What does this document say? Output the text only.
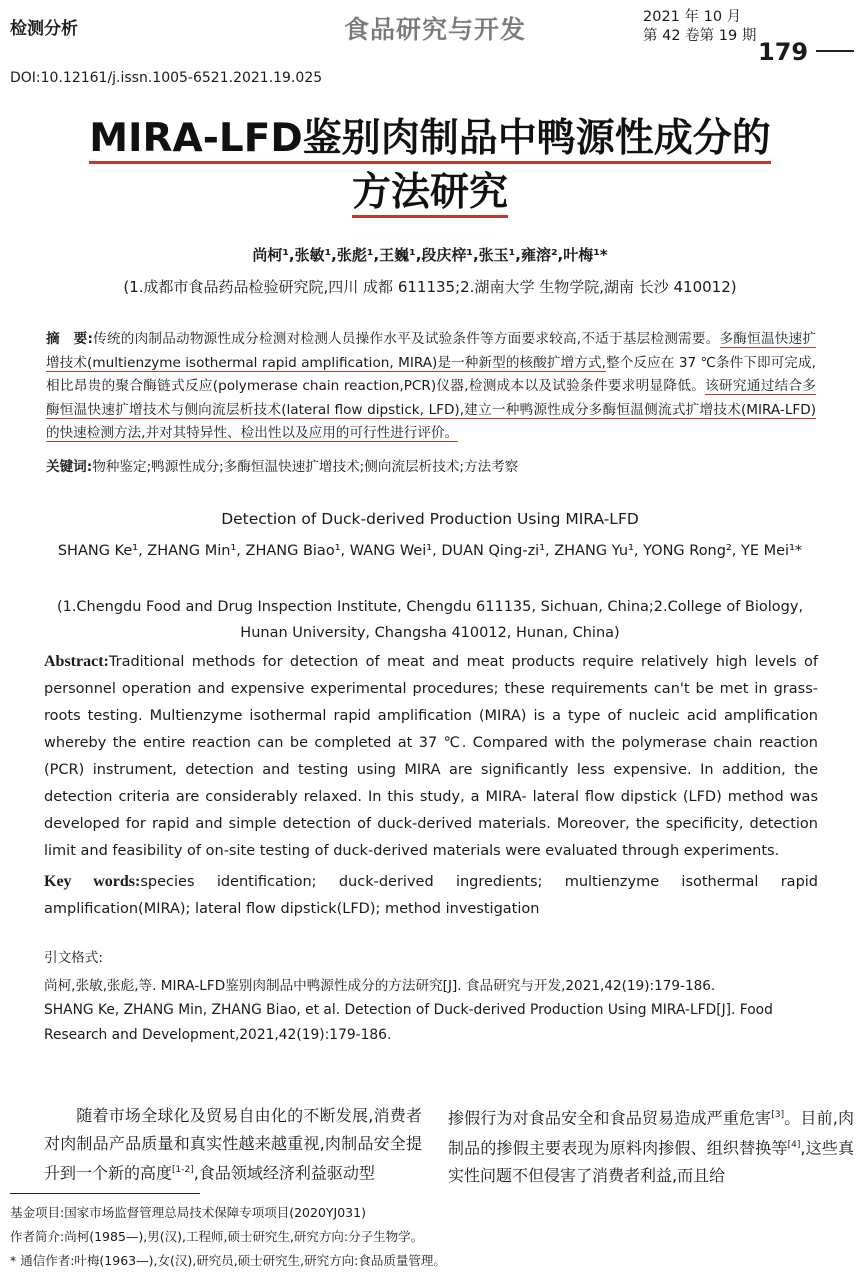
检测分析	食品研究与开发	2021 年 10 月
第 42 卷第 19 期
179
DOI:10.12161/j.issn.1005-6521.2021.19.025
MIRA-LFD鉴别肉制品中鸭源性成分的
方法研究
尚柯¹,张敏¹,张彪¹,王巍¹,段庆梓¹,张玉¹,雍溶²,叶梅¹*
(1.成都市食品药品检验研究院,四川 成都 611135;2.湖南大学 生物学院,湖南 长沙 410012)
摘　要:传统的肉制品动物源性成分检测对检测人员操作水平及试验条件等方面要求较高,不适于基层检测需要。多酶恒温快速扩增技术(multienzyme isothermal rapid amplification, MIRA)是一种新型的核酸扩增方式,整个反应在 37 ℃条件下即可完成,相比昂贵的聚合酶链式反应(polymerase chain reaction,PCR)仪器,检测成本以及试验条件要求明显降低。该研究通过结合多酶恒温快速扩增技术与侧向流层析技术(lateral flow dipstick, LFD),建立一种鸭源性成分多酶恒温侧流式扩增技术(MIRA-LFD)的快速检测方法,并对其特异性、检出性以及应用的可行性进行评价。
关键词:物种鉴定;鸭源性成分;多酶恒温快速扩增技术;侧向流层析技术;方法考察
Detection of Duck-derived Production Using MIRA-LFD
SHANG Ke¹, ZHANG Min¹, ZHANG Biao¹, WANG Wei¹, DUAN Qing-zi¹, ZHANG Yu¹, YONG Rong², YE Mei¹*
(1.Chengdu Food and Drug Inspection Institute, Chengdu 611135, Sichuan, China;2.College of Biology, Hunan University, Changsha 410012, Hunan, China)
Abstract:Traditional methods for detection of meat and meat products require relatively high levels of personnel operation and expensive experimental procedures; these requirements can't be met in grass-roots testing. Multienzyme isothermal rapid amplification (MIRA) is a type of nucleic acid amplification whereby the entire reaction can be completed at 37 ℃. Compared with the polymerase chain reaction (PCR) instrument, detection and testing using MIRA are significantly less expensive. In addition, the detection criteria are considerably relaxed. In this study, a MIRA- lateral flow dipstick (LFD) method was developed for rapid and simple detection of duck-derived materials. Moreover, the specificity, detection limit and feasibility of on-site testing of duck-derived materials were evaluated through experiments.
Key words:species identification; duck-derived ingredients; multienzyme isothermal rapid amplification(MIRA); lateral flow dipstick(LFD); method investigation
引文格式:
尚柯,张敏,张彪,等. MIRA-LFD鉴别肉制品中鸭源性成分的方法研究[J]. 食品研究与开发,2021,42(19):179-186.
SHANG Ke, ZHANG Min, ZHANG Biao, et al. Detection of Duck-derived Production Using MIRA-LFD[J]. Food Research and Development,2021,42(19):179-186.
随着市场全球化及贸易自由化的不断发展,消费者对肉制品产品质量和真实性越来越重视,肉制品安全提升到一个新的高度[1-2],食品领域经济利益驱动型
掺假行为对食品安全和食品贸易造成严重危害[3]。目前,肉制品的掺假主要表现为原料肉掺假、组织替换等[4],这些真实性问题不但侵害了消费者利益,而且给
基金项目:国家市场监督管理总局技术保障专项项目(2020YJ031)
作者简介:尚柯(1985—),男(汉),工程师,硕士研究生,研究方向:分子生物学。
* 通信作者:叶梅(1963—),女(汉),研究员,硕士研究生,研究方向:食品质量管理。
